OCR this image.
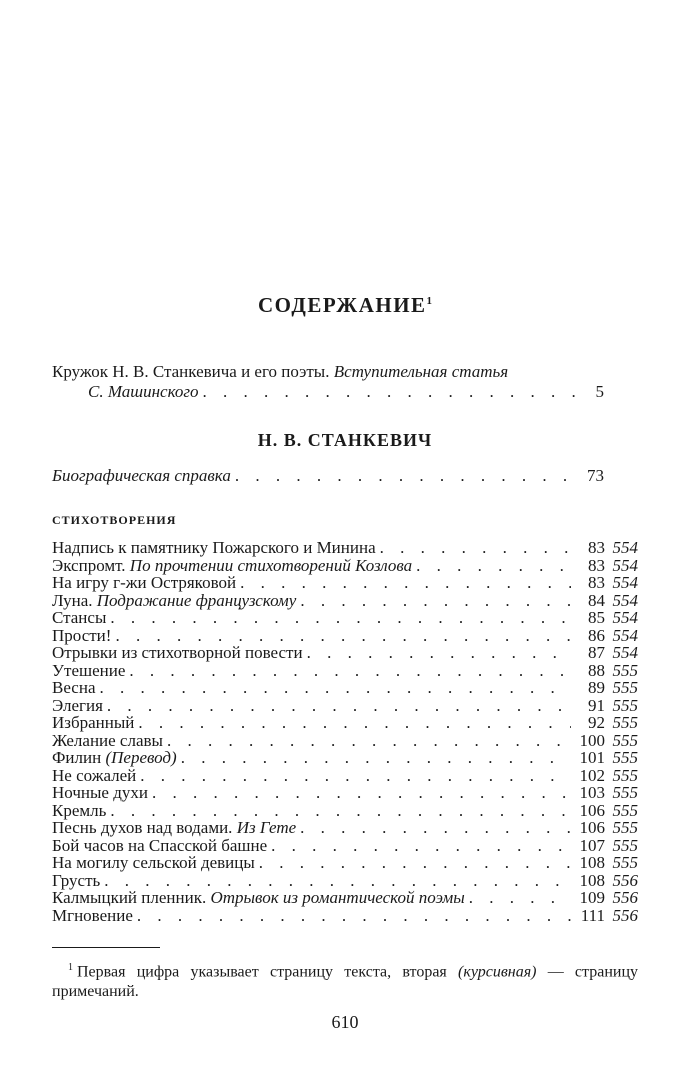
СОДЕРЖАНИЕ$^1$
Кружок Н. В. Станкевича и его поэты. Вступительная статья
С. Машинского . . .	5
Н. В. СТАНКЕВИЧ
Биографическая справка . . .	73
СТИХОТВОРЕНИЯ
Надпись к памятнику Пожарского и Минина . . .	83 554
Экспромт. По прочтении стихотворений Козлова . . .	83 554
На игру г-жи Остряковой . . .	83 554
Луна. Подражание французскому . . .	84 554
Стансы . . .	85 554
Прости! . . .	86 554
Отрывки из стихотворной повести . . .	87 554
Утешение . . .	88 555
Весна . . .	89 555
Элегия . . .	91 555
Избранный . . .	92 555
Желание славы . . .	100 555
Филин (Перевод) . . .	101 555
Не сожалей . . .	102 555
Ночные духи . . .	103 555
Кремль . . .	106 555
Песнь духов над водами. Из Гете . . .	106 555
Бой часов на Спасской башне . . .	107 555
На могилу сельской девицы . . .	108 555
Грусть . . .	108 556
Калмыцкий пленник. Отрывок из романтической поэмы . . .	109 556
Мгновение . . .	111 556
$^1$ Первая цифра указывает страницу текста, вторая (курсивная) — страницу примечаний.
610
